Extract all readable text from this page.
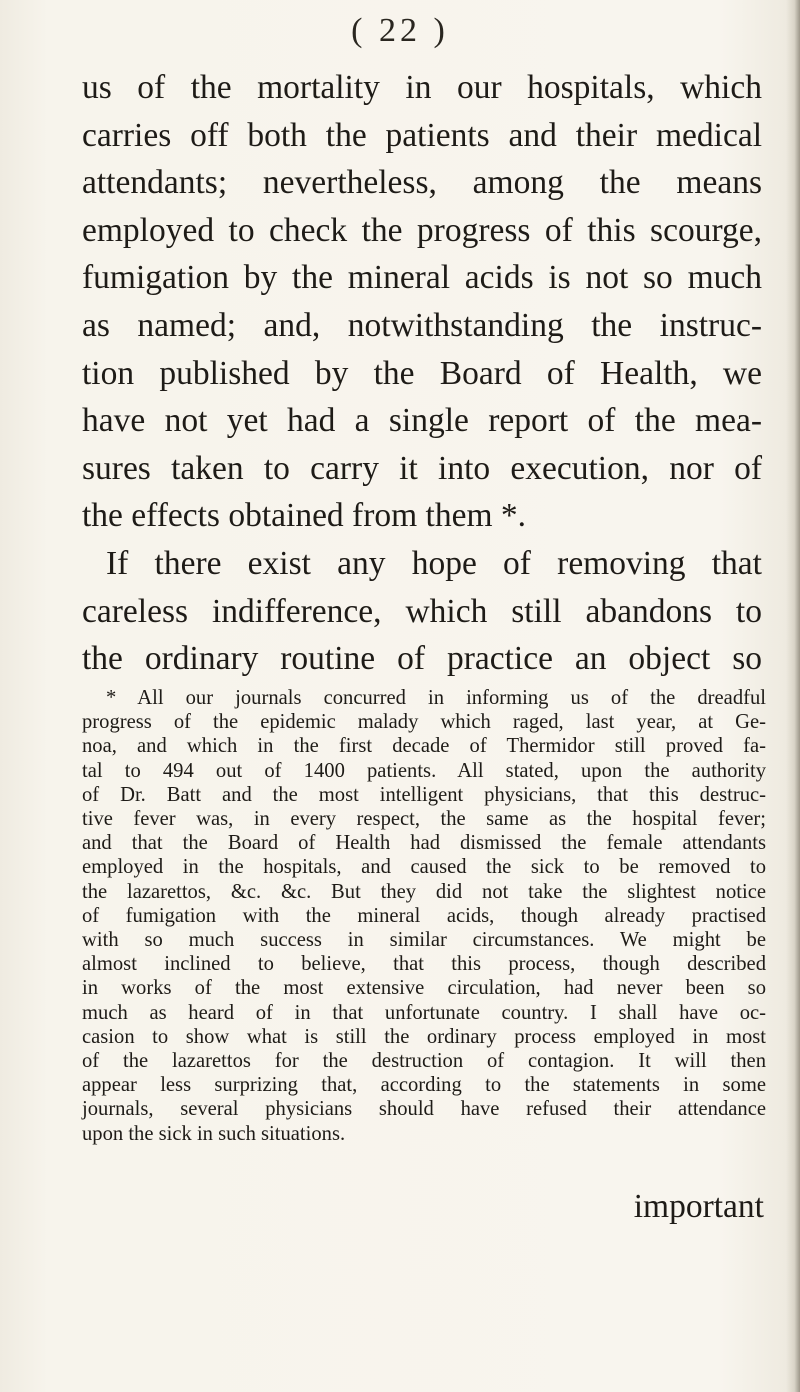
( 22 )
us of the mortality in our hospitals, which
carries off both the patients and their medical
attendants; nevertheless, among the means
employed to check the progress of this scourge,
fumigation by the mineral acids is not so much
as named; and, notwithstanding the instruc-
tion published by the Board of Health, we
have not yet had a single report of the mea-
sures taken to carry it into execution, nor of
the effects obtained from them *.
If there exist any hope of removing that
careless indifference, which still abandons to
the ordinary routine of practice an object so
* All our journals concurred in informing us of the dreadful
progress of the epidemic malady which raged, last year, at Ge-
noa, and which in the first decade of Thermidor still proved fa-
tal to 494 out of 1400 patients. All stated, upon the authority
of Dr. Batt and the most intelligent physicians, that this destruc-
tive fever was, in every respect, the same as the hospital fever;
and that the Board of Health had dismissed the female attendants
employed in the hospitals, and caused the sick to be removed to
the lazarettos, &c. &c. But they did not take the slightest notice
of fumigation with the mineral acids, though already practised
with so much success in similar circumstances. We might be
almost inclined to believe, that this process, though described
in works of the most extensive circulation, had never been so
much as heard of in that unfortunate country. I shall have oc-
casion to show what is still the ordinary process employed in most
of the lazarettos for the destruction of contagion. It will then
appear less surprizing that, according to the statements in some
journals, several physicians should have refused their attendance
upon the sick in such situations.
important
